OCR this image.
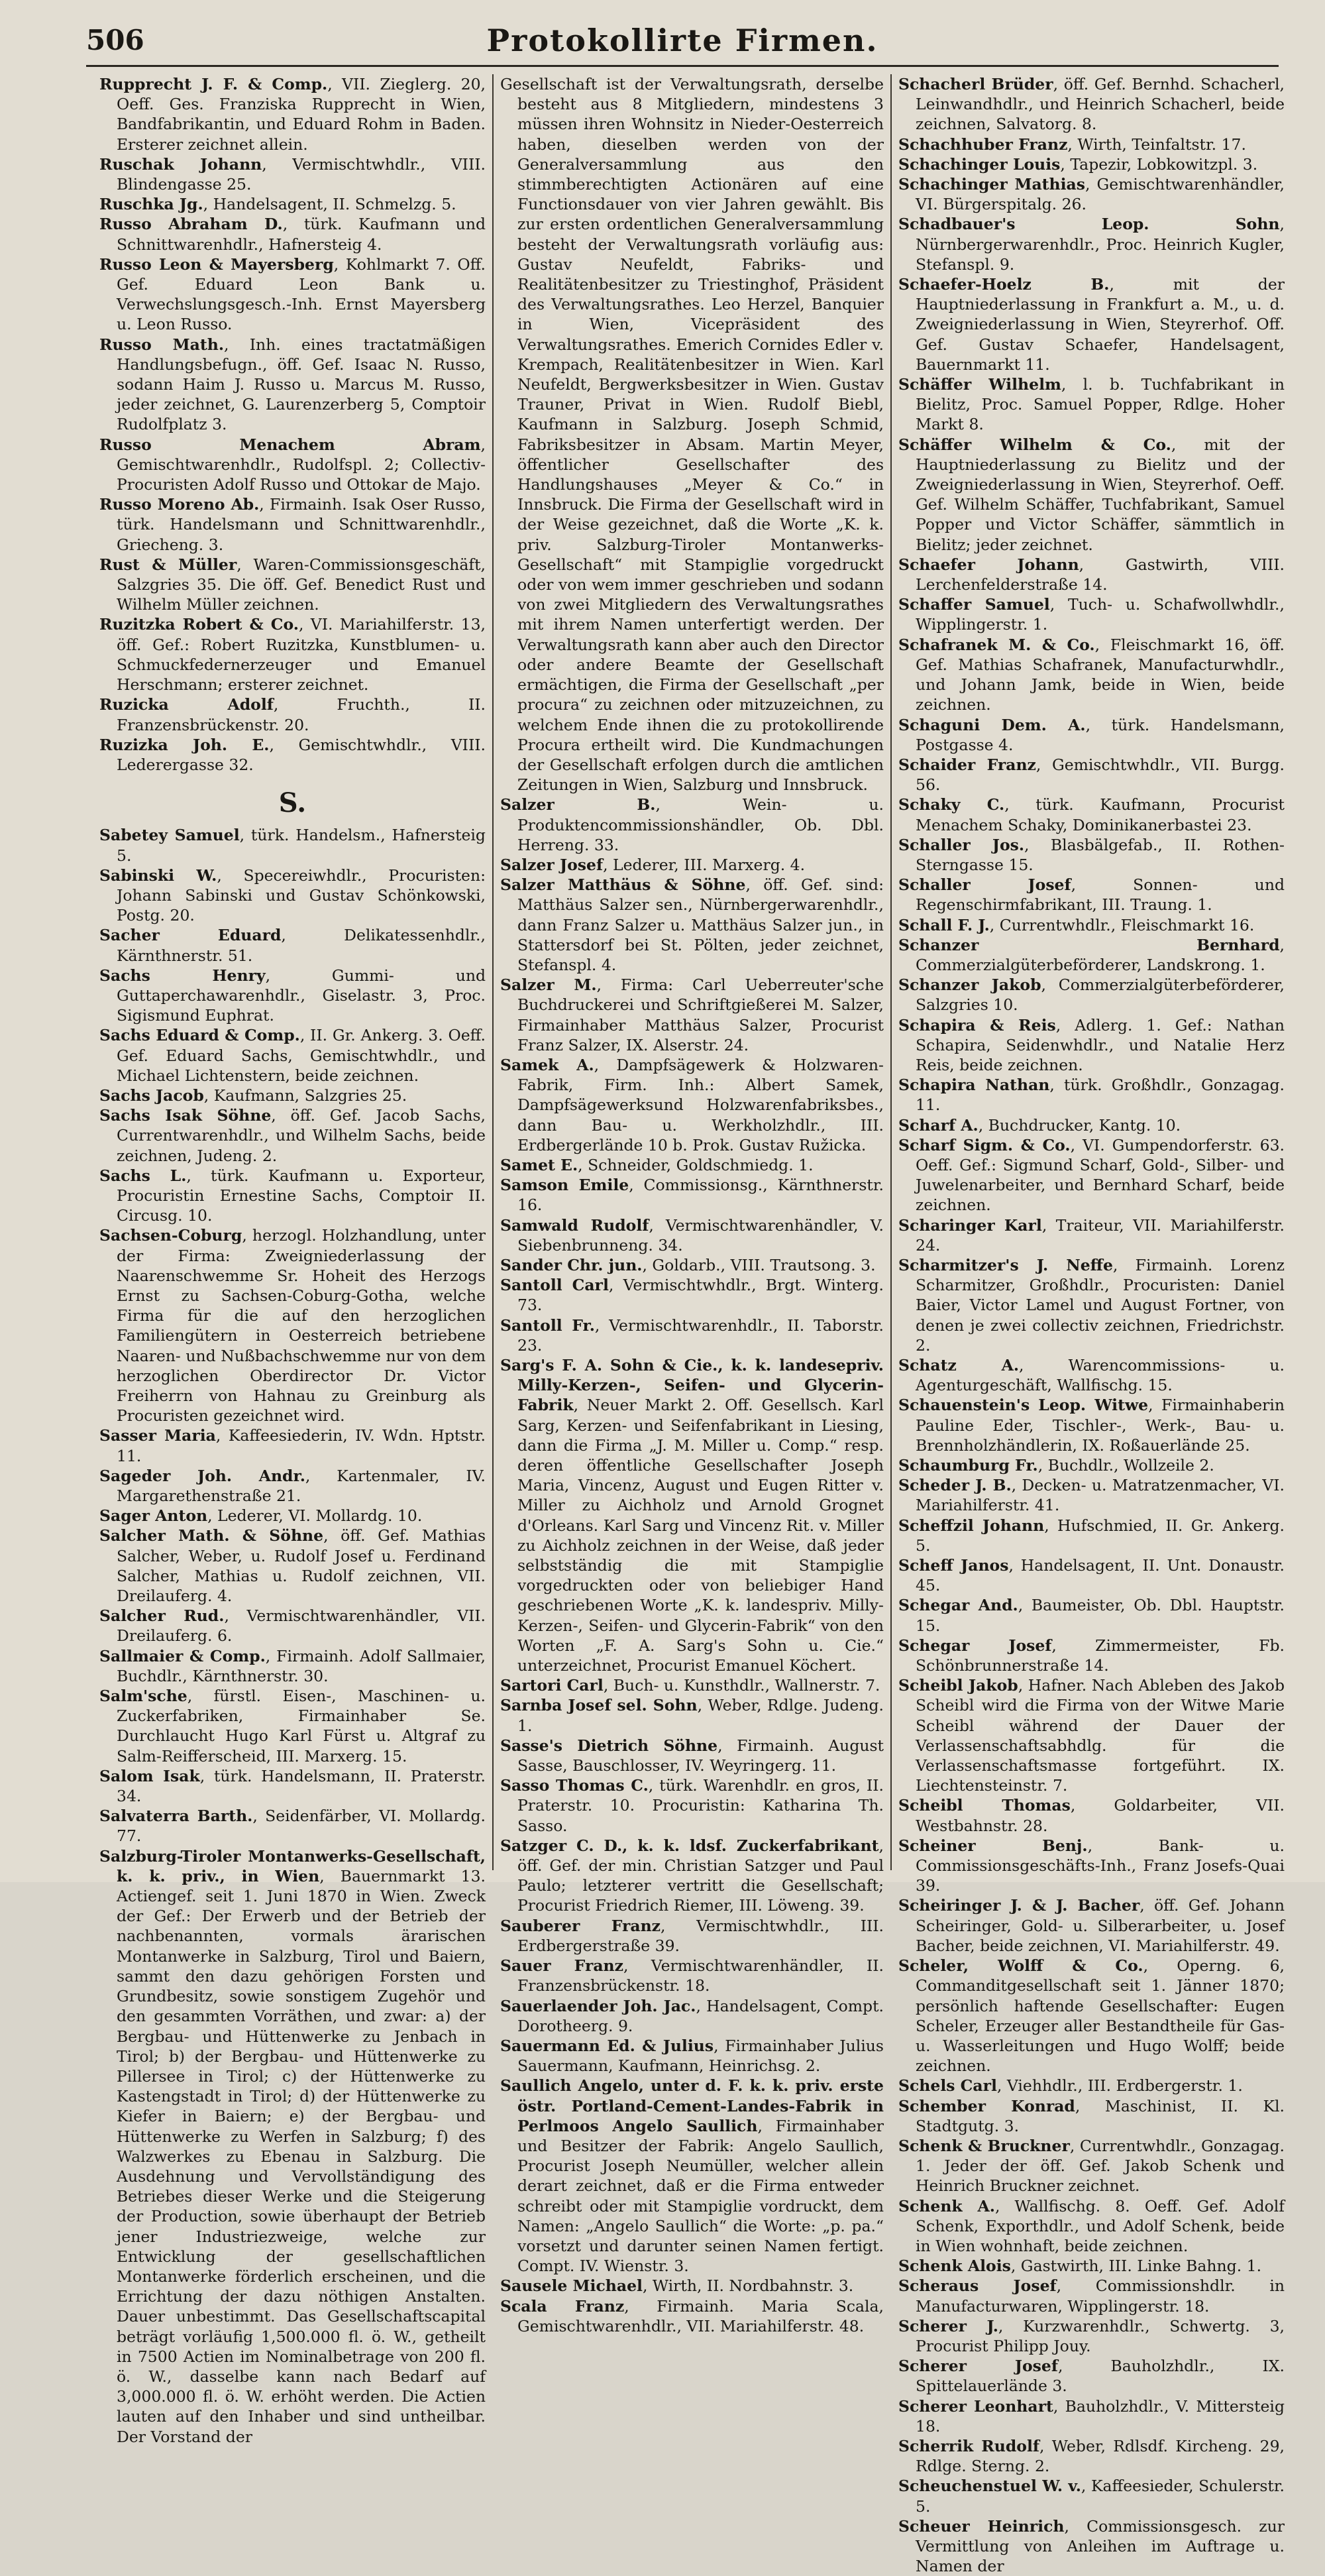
506	Protokollirte Firmen.

Rupprecht J. F. & Comp., VII. Zieglerg. 20, Oeff. Ges. Franziska Rupprecht in Wien, Bandfabrikantin, und Eduard Rohm in Baden. Ersterer zeichnet allein.

Ruschak Johann, Vermischtwhdlr., VIII. Blindengasse 25.

Ruschka Jg., Handelsagent, II. Schmelzg. 5.

Russo Abraham D., türk. Kaufmann und Schnittwarenhdlr., Hafnersteig 4.

Russo Leon & Mayersberg, Kohlmarkt 7. Off. Gef. Eduard Leon Bank u. Verwechslungsgesch.-Inh. Ernst Mayersberg u. Leon Russo.

Russo Math., Inh. eines tractatmäßigen Handlungsbefugn., öff. Gef. Isaac N. Russo, sodann Haim J. Russo u. Marcus M. Russo, jeder zeichnet, G. Laurenzerberg 5, Comptoir Rudolfplatz 3.

Russo Menachem Abram, Gemischtwarenhdlr., Rudolfspl. 2; Collectiv-Procuristen Adolf Russo und Ottokar de Majo.

Russo Moreno Ab., Firmainh. Isak Oser Russo, türk. Handelsmann und Schnittwarenhdlr., Griecheng. 3.

Rust & Müller, Waren-Commissionsgeschäft, Salzgries 35. Die öff. Gef. Benedict Rust und Wilhelm Müller zeichnen.

Ruzitzka Robert & Co., VI. Mariahilferstr. 13, öff. Gef.: Robert Ruzitzka, Kunstblumen- u. Schmuckfedernerzeuger und Emanuel Herschmann; ersterer zeichnet.

Ruzicka Adolf, Fruchth., II. Franzensbrückenstr. 20.

Ruzizka Joh. E., Gemischtwhdlr., VIII. Lederergasse 32.

S.

Sabetey Samuel, türk. Handelsm., Hafnersteig 5.

Sabinski W., Specereiwhdlr., Procuristen: Johann Sabinski und Gustav Schönkowski, Postg. 20.

Sacher Eduard, Delikatessenhdlr., Kärnthnerstr. 51.

Sachs Henry, Gummi- und Guttaperchawarenhdlr., Giselastr. 3, Proc. Sigismund Euphrat.

Sachs Eduard & Comp., II. Gr. Ankerg. 3. Oeff. Gef. Eduard Sachs, Gemischtwhdlr., und Michael Lichtenstern, beide zeichnen.

Sachs Jacob, Kaufmann, Salzgries 25.

Sachs Isak Söhne, öff. Gef. Jacob Sachs, Currentwarenhdlr., und Wilhelm Sachs, beide zeichnen, Judeng. 2.

Sachs L., türk. Kaufmann u. Exporteur, Procuristin Ernestine Sachs, Comptoir II. Circusg. 10.

Sachsen-Coburg, herzogl. Holzhandlung, unter der Firma: Zweigniederlassung der Naarenschwemme Sr. Hoheit des Herzogs Ernst zu Sachsen-Coburg-Gotha, welche Firma für die auf den herzoglichen Familiengütern in Oesterreich betriebene Naaren- und Nußbachschwemme nur von dem herzoglichen Oberdirector Dr. Victor Freiherrn von Hahnau zu Greinburg als Procuristen gezeichnet wird.

Sasser Maria, Kaffeesiederin, IV. Wdn. Hptstr. 11.

Sageder Joh. Andr., Kartenmaler, IV. Margarethenstraße 21.

Sager Anton, Lederer, VI. Mollardg. 10.

Salcher Math. & Söhne, öff. Gef. Mathias Salcher, Weber, u. Rudolf Josef u. Ferdinand Salcher, Mathias u. Rudolf zeichnen, VII. Dreilauferg. 4.

Salcher Rud., Vermischtwarenhändler, VII. Dreilauferg. 6.

Sallmaier & Comp., Firmainh. Adolf Sallmaier, Buchdlr., Kärnthnerstr. 30.

Salm'sche, fürstl. Eisen-, Maschinen- u. Zuckerfabriken, Firmainhaber Se. Durchlaucht Hugo Karl Fürst u. Altgraf zu Salm-Reifferscheid, III. Marxerg. 15.

Salom Isak, türk. Handelsmann, II. Praterstr. 34.

Salvaterra Barth., Seidenfärber, VI. Mollardg. 77.

Salzburg-Tiroler Montanwerks-Gesellschaft, k. k. priv., in Wien, Bauernmarkt 13. Actiengef. seit 1. Juni 1870 in Wien. Zweck der Gef.: Der Erwerb und der Betrieb der nachbenannten, vormals ärarischen Montanwerke in Salzburg, Tirol und Baiern, sammt den dazu gehörigen Forsten und Grundbesitz, sowie sonstigem Zugehör und den gesammten Vorräthen, und zwar: a) der Bergbau- und Hüttenwerke zu Jenbach in Tirol; b) der Bergbau- und Hüttenwerke zu Pillersee in Tirol; c) der Hüttenwerke zu Kastengstadt in Tirol; d) der Hüttenwerke zu Kiefer in Baiern; e) der Bergbau- und Hüttenwerke zu Werfen in Salzburg; f) des Walzwerkes zu Ebenau in Salzburg. Die Ausdehnung und Vervollständigung des Betriebes dieser Werke und die Steigerung der Production, sowie überhaupt der Betrieb jener Industriezweige, welche zur Entwicklung der gesellschaftlichen Montanwerke förderlich erscheinen, und die Errichtung der dazu nöthigen Anstalten. Dauer unbestimmt. Das Gesellschaftscapital beträgt vorläufig 1,500.000 fl. ö. W., getheilt in 7500 Actien im Nominalbetrage von 200 fl. ö. W., dasselbe kann nach Bedarf auf 3,000.000 fl. ö. W. erhöht werden. Die Actien lauten auf den Inhaber und sind untheilbar. Der Vorstand der

Gesellschaft ist der Verwaltungsrath, derselbe besteht aus 8 Mitgliedern, mindestens 3 müssen ihren Wohnsitz in Nieder-Oesterreich haben, dieselben werden von der Generalversammlung aus den stimmberechtigten Actionären auf eine Functionsdauer von vier Jahren gewählt. Bis zur ersten ordentlichen Generalversammlung besteht der Verwaltungsrath vorläufig aus: Gustav Neufeldt, Fabriks- und Realitätenbesitzer zu Triestinghof, Präsident des Verwaltungsrathes. Leo Herzel, Banquier in Wien, Vicepräsident des Verwaltungsrathes. Emerich Cornides Edler v. Krempach, Realitätenbesitzer in Wien. Karl Neufeldt, Bergwerksbesitzer in Wien. Gustav Trauner, Privat in Wien. Rudolf Biebl, Kaufmann in Salzburg. Joseph Schmid, Fabriksbesitzer in Absam. Martin Meyer, öffentlicher Gesellschafter des Handlungshauses „Meyer & Co.“ in Innsbruck. Die Firma der Gesellschaft wird in der Weise gezeichnet, daß die Worte „K. k. priv. Salzburg-Tiroler Montanwerks-Gesellschaft“ mit Stampiglie vorgedruckt oder von wem immer geschrieben und sodann von zwei Mitgliedern des Verwaltungsrathes mit ihrem Namen unterfertigt werden. Der Verwaltungsrath kann aber auch den Director oder andere Beamte der Gesellschaft ermächtigen, die Firma der Gesellschaft „per procura“ zu zeichnen oder mitzuzeichnen, zu welchem Ende ihnen die zu protokollirende Procura ertheilt wird. Die Kundmachungen der Gesellschaft erfolgen durch die amtlichen Zeitungen in Wien, Salzburg und Innsbruck.

Salzer B., Wein- u. Produktencommissionshändler, Ob. Dbl. Herreng. 33.

Salzer Josef, Lederer, III. Marxerg. 4.

Salzer Matthäus & Söhne, öff. Gef. sind: Matthäus Salzer sen., Nürnbergerwarenhdlr., dann Franz Salzer u. Matthäus Salzer jun., in Stattersdorf bei St. Pölten, jeder zeichnet, Stefanspl. 4.

Salzer M., Firma: Carl Ueberreuter'sche Buchdruckerei und Schriftgießerei M. Salzer, Firmainhaber Matthäus Salzer, Procurist Franz Salzer, IX. Alserstr. 24.

Samek A., Dampfsägewerk & Holzwaren-Fabrik, Firm. Inh.: Albert Samek, Dampfsägewerksund Holzwarenfabriksbes., dann Bau- u. Werkholzhdlr., III. Erdbergerlände 10 b. Prok. Gustav Ružicka.

Samet E., Schneider, Goldschmiedg. 1.

Samson Emile, Commissionsg., Kärnthnerstr. 16.

Samwald Rudolf, Vermischtwarenhändler, V. Siebenbrunneng. 34.

Sander Chr. jun., Goldarb., VIII. Trautsong. 3.

Santoll Carl, Vermischtwhdlr., Brgt. Winterg. 73.

Santoll Fr., Vermischtwarenhdlr., II. Taborstr. 23.

Sarg's F. A. Sohn & Cie., k. k. landesepriv. Milly-Kerzen-, Seifen- und Glycerin-Fabrik, Neuer Markt 2. Off. Gesellsch. Karl Sarg, Kerzen- und Seifenfabrikant in Liesing, dann die Firma „J. M. Miller u. Comp.“ resp. deren öffentliche Gesellschafter Joseph Maria, Vincenz, August und Eugen Ritter v. Miller zu Aichholz und Arnold Grognet d'Orleans. Karl Sarg und Vincenz Rit. v. Miller zu Aichholz zeichnen in der Weise, daß jeder selbstständig die mit Stampiglie vorgedruckten oder von beliebiger Hand geschriebenen Worte „K. k. landespriv. Milly-Kerzen-, Seifen- und Glycerin-Fabrik“ von den Worten „F. A. Sarg's Sohn u. Cie.“ unterzeichnet, Procurist Emanuel Köchert.

Sartori Carl, Buch- u. Kunsthdlr., Wallnerstr. 7.

Sarnba Josef sel. Sohn, Weber, Rdlge. Judeng. 1.

Sasse's Dietrich Söhne, Firmainh. August Sasse, Bauschlosser, IV. Weyringerg. 11.

Sasso Thomas C., türk. Warenhdlr. en gros, II. Praterstr. 10. Procuristin: Katharina Th. Sasso.

Satzger C. D., k. k. ldsf. Zuckerfabrikant, öff. Gef. der min. Christian Satzger und Paul Paulo; letzterer vertritt die Gesellschaft; Procurist Friedrich Riemer, III. Löweng. 39.

Sauberer Franz, Vermischtwhdlr., III. Erdbergerstraße 39.

Sauer Franz, Vermischtwarenhändler, II. Franzensbrückenstr. 18.

Sauerlaender Joh. Jac., Handelsagent, Compt. Dorotheerg. 9.

Sauermann Ed. & Julius, Firmainhaber Julius Sauermann, Kaufmann, Heinrichsg. 2.

Saullich Angelo, unter d. F. k. k. priv. erste östr. Portland-Cement-Landes-Fabrik in Perlmoos Angelo Saullich, Firmainhaber und Besitzer der Fabrik: Angelo Saullich, Procurist Joseph Neumüller, welcher allein derart zeichnet, daß er die Firma entweder schreibt oder mit Stampiglie vordruckt, dem Namen: „Angelo Saullich“ die Worte: „p. pa.“ vorsetzt und darunter seinen Namen fertigt. Compt. IV. Wienstr. 3.

Sausele Michael, Wirth, II. Nordbahnstr. 3.

Scala Franz, Firmainh. Maria Scala, Gemischtwarenhdlr., VII. Mariahilferstr. 48.

Schacherl Brüder, öff. Gef. Bernhd. Schacherl, Leinwandhdlr., und Heinrich Schacherl, beide zeichnen, Salvatorg. 8.

Schachhuber Franz, Wirth, Teinfaltstr. 17.

Schachinger Louis, Tapezir, Lobkowitzpl. 3.

Schachinger Mathias, Gemischtwarenhändler, VI. Bürgerspitalg. 26.

Schadbauer's Leop. Sohn, Nürnbergerwarenhdlr., Proc. Heinrich Kugler, Stefanspl. 9.

Schaefer-Hoelz B., mit der Hauptniederlassung in Frankfurt a. M., u. d. Zweigniederlassung in Wien, Steyrerhof. Off. Gef. Gustav Schaefer, Handelsagent, Bauernmarkt 11.

Schäffer Wilhelm, l. b. Tuchfabrikant in Bielitz, Proc. Samuel Popper, Rdlge. Hoher Markt 8.

Schäffer Wilhelm & Co., mit der Hauptniederlassung zu Bielitz und der Zweigniederlassung in Wien, Steyrerhof. Oeff. Gef. Wilhelm Schäffer, Tuchfabrikant, Samuel Popper und Victor Schäffer, sämmtlich in Bielitz; jeder zeichnet.

Schaefer Johann, Gastwirth, VIII. Lerchenfelderstraße 14.

Schaffer Samuel, Tuch- u. Schafwollwhdlr., Wipplingerstr. 1.

Schafranek M. & Co., Fleischmarkt 16, öff. Gef. Mathias Schafranek, Manufacturwhdlr., und Johann Jamk, beide in Wien, beide zeichnen.

Schaguni Dem. A., türk. Handelsmann, Postgasse 4.

Schaider Franz, Gemischtwhdlr., VII. Burgg. 56.

Schaky C., türk. Kaufmann, Procurist Menachem Schaky, Dominikanerbastei 23.

Schaller Jos., Blasbälgefab., II. Rothen-Sterngasse 15.

Schaller Josef, Sonnen- und Regenschirmfabrikant, III. Traung. 1.

Schall F. J., Currentwhdlr., Fleischmarkt 16.

Schanzer Bernhard, Commerzialgüterbeförderer, Landskrong. 1.

Schanzer Jakob, Commerzialgüterbeförderer, Salzgries 10.

Schapira & Reis, Adlerg. 1. Gef.: Nathan Schapira, Seidenwhdlr., und Natalie Herz Reis, beide zeichnen.

Schapira Nathan, türk. Großhdlr., Gonzagag. 11.

Scharf A., Buchdrucker, Kantg. 10.

Scharf Sigm. & Co., VI. Gumpendorferstr. 63. Oeff. Gef.: Sigmund Scharf, Gold-, Silber- und Juwelenarbeiter, und Bernhard Scharf, beide zeichnen.

Scharinger Karl, Traiteur, VII. Mariahilferstr. 24.

Scharmitzer's J. Neffe, Firmainh. Lorenz Scharmitzer, Großhdlr., Procuristen: Daniel Baier, Victor Lamel und August Fortner, von denen je zwei collectiv zeichnen, Friedrichstr. 2.

Schatz A., Warencommissions- u. Agenturgeschäft, Wallfischg. 15.

Schauenstein's Leop. Witwe, Firmainhaberin Pauline Eder, Tischler-, Werk-, Bau- u. Brennholzhändlerin, IX. Roßauerlände 25.

Schaumburg Fr., Buchdlr., Wollzeile 2.

Scheder J. B., Decken- u. Matratzenmacher, VI. Mariahilferstr. 41.

Scheffzil Johann, Hufschmied, II. Gr. Ankerg. 5.

Scheff Janos, Handelsagent, II. Unt. Donaustr. 45.

Schegar And., Baumeister, Ob. Dbl. Hauptstr. 15.

Schegar Josef, Zimmermeister, Fb. Schönbrunnerstraße 14.

Scheibl Jakob, Hafner. Nach Ableben des Jakob Scheibl wird die Firma von der Witwe Marie Scheibl während der Dauer der Verlassenschaftsabhdlg. für die Verlassenschaftsmasse fortgeführt. IX. Liechtensteinstr. 7.

Scheibl Thomas, Goldarbeiter, VII. Westbahnstr. 28.

Scheiner Benj., Bank- u. Commissionsgeschäfts-Inh., Franz Josefs-Quai 39.

Scheiringer J. & J. Bacher, öff. Gef. Johann Scheiringer, Gold- u. Silberarbeiter, u. Josef Bacher, beide zeichnen, VI. Mariahilferstr. 49.

Scheler, Wolff & Co., Operng. 6, Commanditgesellschaft seit 1. Jänner 1870; persönlich haftende Gesellschafter: Eugen Scheler, Erzeuger aller Bestandtheile für Gas- u. Wasserleitungen und Hugo Wolff; beide zeichnen.

Schels Carl, Viehhdlr., III. Erdbergerstr. 1.

Schember Konrad, Maschinist, II. Kl. Stadtgutg. 3.

Schenk & Bruckner, Currentwhdlr., Gonzagag. 1. Jeder der öff. Gef. Jakob Schenk und Heinrich Bruckner zeichnet.

Schenk A., Wallfischg. 8. Oeff. Gef. Adolf Schenk, Exporthdlr., und Adolf Schenk, beide in Wien wohnhaft, beide zeichnen.

Schenk Alois, Gastwirth, III. Linke Bahng. 1.

Scheraus Josef, Commissionshdlr. in Manufacturwaren, Wipplingerstr. 18.

Scherer J., Kurzwarenhdlr., Schwertg. 3, Procurist Philipp Jouy.

Scherer Josef, Bauholzhdlr., IX. Spittelauerlände 3.

Scherer Leonhart, Bauholzhdlr., V. Mittersteig 18.

Scherrik Rudolf, Weber, Rdlsdf. Kircheng. 29, Rdlge. Sterng. 2.

Scheuchenstuel W. v., Kaffeesieder, Schulerstr. 5.

Scheuer Heinrich, Commissionsgesch. zur Vermittlung von Anleihen im Auftrage u. Namen der
